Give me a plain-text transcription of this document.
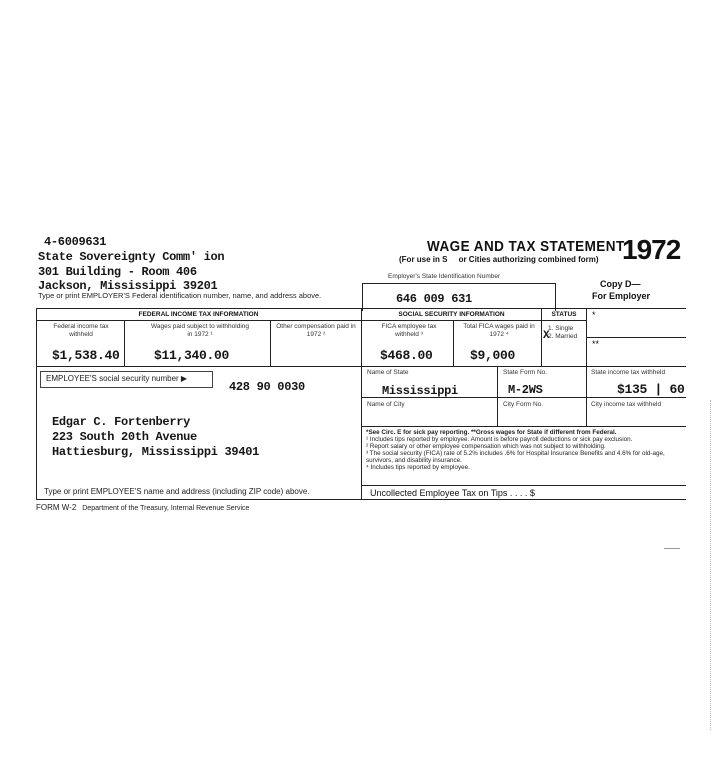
4-6009631
State Sovereignty Comm' ion
301 Building - Room 406
Jackson, Mississippi 39201
Type or print EMPLOYER'S Federal identification number, name, and address above.
WAGE AND TAX STATEMENT
1972
(For use in S     or Cities authorizing combined form)
Employer's State Identification Number
Copy D—
For Employer
646 009 631
FEDERAL INCOME TAX INFORMATION
Federal income tax withheld
$1,538.40
Wages paid subject to withholding in 1972 ¹
$11,340.00
Other compensation paid in 1972 ²
SOCIAL SECURITY INFORMATION
FICA employee tax withheld ³
$468.00
Total FICA wages paid in 1972 ⁴
$9,000
STATUS
1. Single
2. Married
X
*
**
EMPLOYEE'S social security number ▶
428 90 0030
Edgar C. Fortenberry
223 South 20th Avenue
Hattiesburg, Mississippi 39401
Type or print EMPLOYEE'S name and address (including ZIP code) above.
Name of State
Mississippi
State Form No.
M-2WS
State income tax withheld
$135 | 60
Name of City	City Form No.	City income tax withheld
*See Circ. E for sick pay reporting. **Gross wages for State if different from Federal.
¹ Includes tips reported by employee. Amount is before payroll deductions or sick pay exclusion.
² Report salary or other employee compensation which was not subject to withholding.
³ The social security (FICA) rate of 5.2% includes .6% for Hospital Insurance Benefits and 4.6% for old-age, survivors, and disability insurance.
⁴ Includes tips reported by employee.
Uncollected Employee Tax on Tips . . . . $
FORM W-2 Department of the Treasury, Internal Revenue Service
